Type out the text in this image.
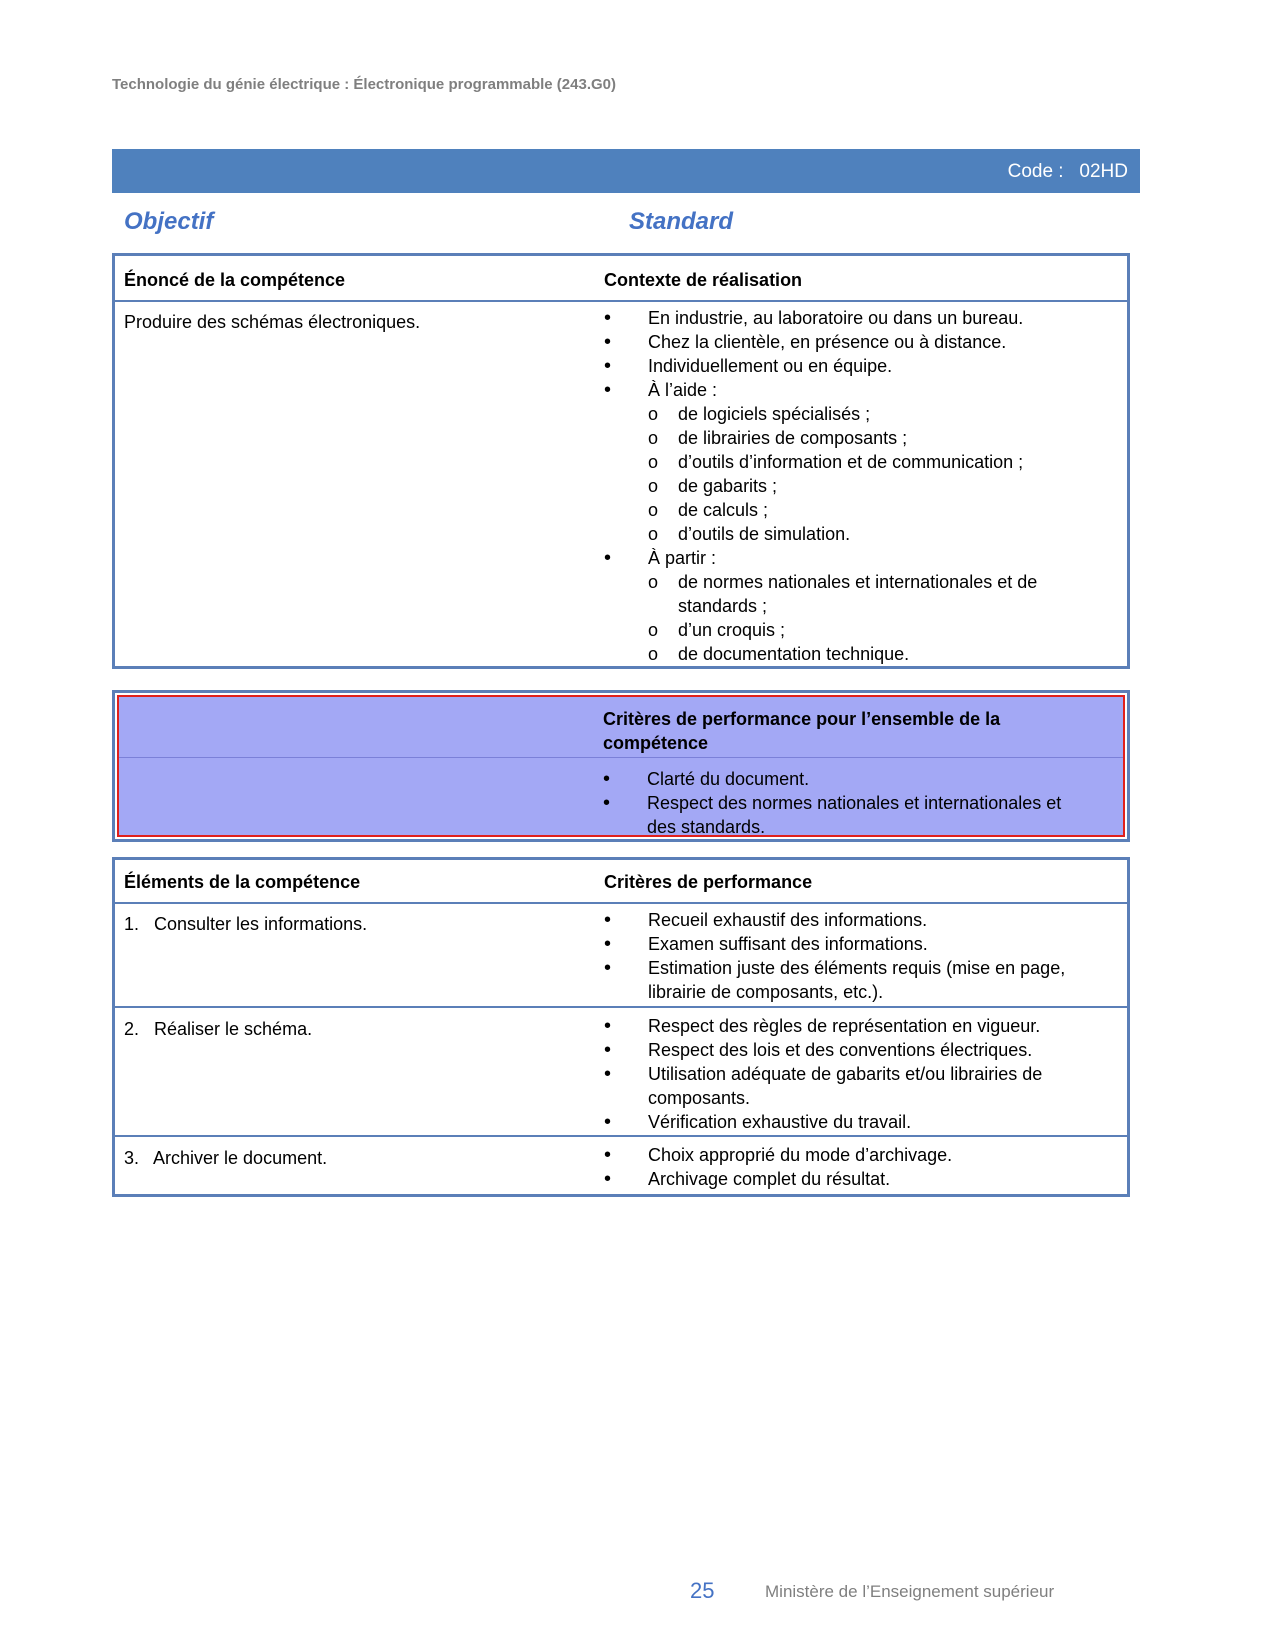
Technologie du génie électrique : Électronique programmable (243.G0)
Code :   02HD
Objectif	Standard
Énoncé de la compétence	Contexte de réalisation
Produire des schémas électroniques.	• En industrie, au laboratoire ou dans un bureau.
• Chez la clientèle, en présence ou à distance.
• Individuellement ou en équipe.
• À l’aide :
o de logiciels spécialisés ;
o de librairies de composants ;
o d’outils d’information et de communication ;
o de gabarits ;
o de calculs ;
o d’outils de simulation.
• À partir :
o de normes nationales et internationales et de standards ;
o d’un croquis ;
o de documentation technique.
Critères de performance pour l’ensemble de la compétence
• Clarté du document.
• Respect des normes nationales et internationales et des standards.
Éléments de la compétence	Critères de performance
1.   Consulter les informations.	• Recueil exhaustif des informations.
• Examen suffisant des informations.
• Estimation juste des éléments requis (mise en page, librairie de composants, etc.).
2.   Réaliser le schéma.	• Respect des règles de représentation en vigueur.
• Respect des lois et des conventions électriques.
• Utilisation adéquate de gabarits et/ou librairies de composants.
• Vérification exhaustive du travail.
3.   Archiver le document.	• Choix approprié du mode d’archivage.
• Archivage complet du résultat.
25	Ministère de l’Enseignement supérieur
